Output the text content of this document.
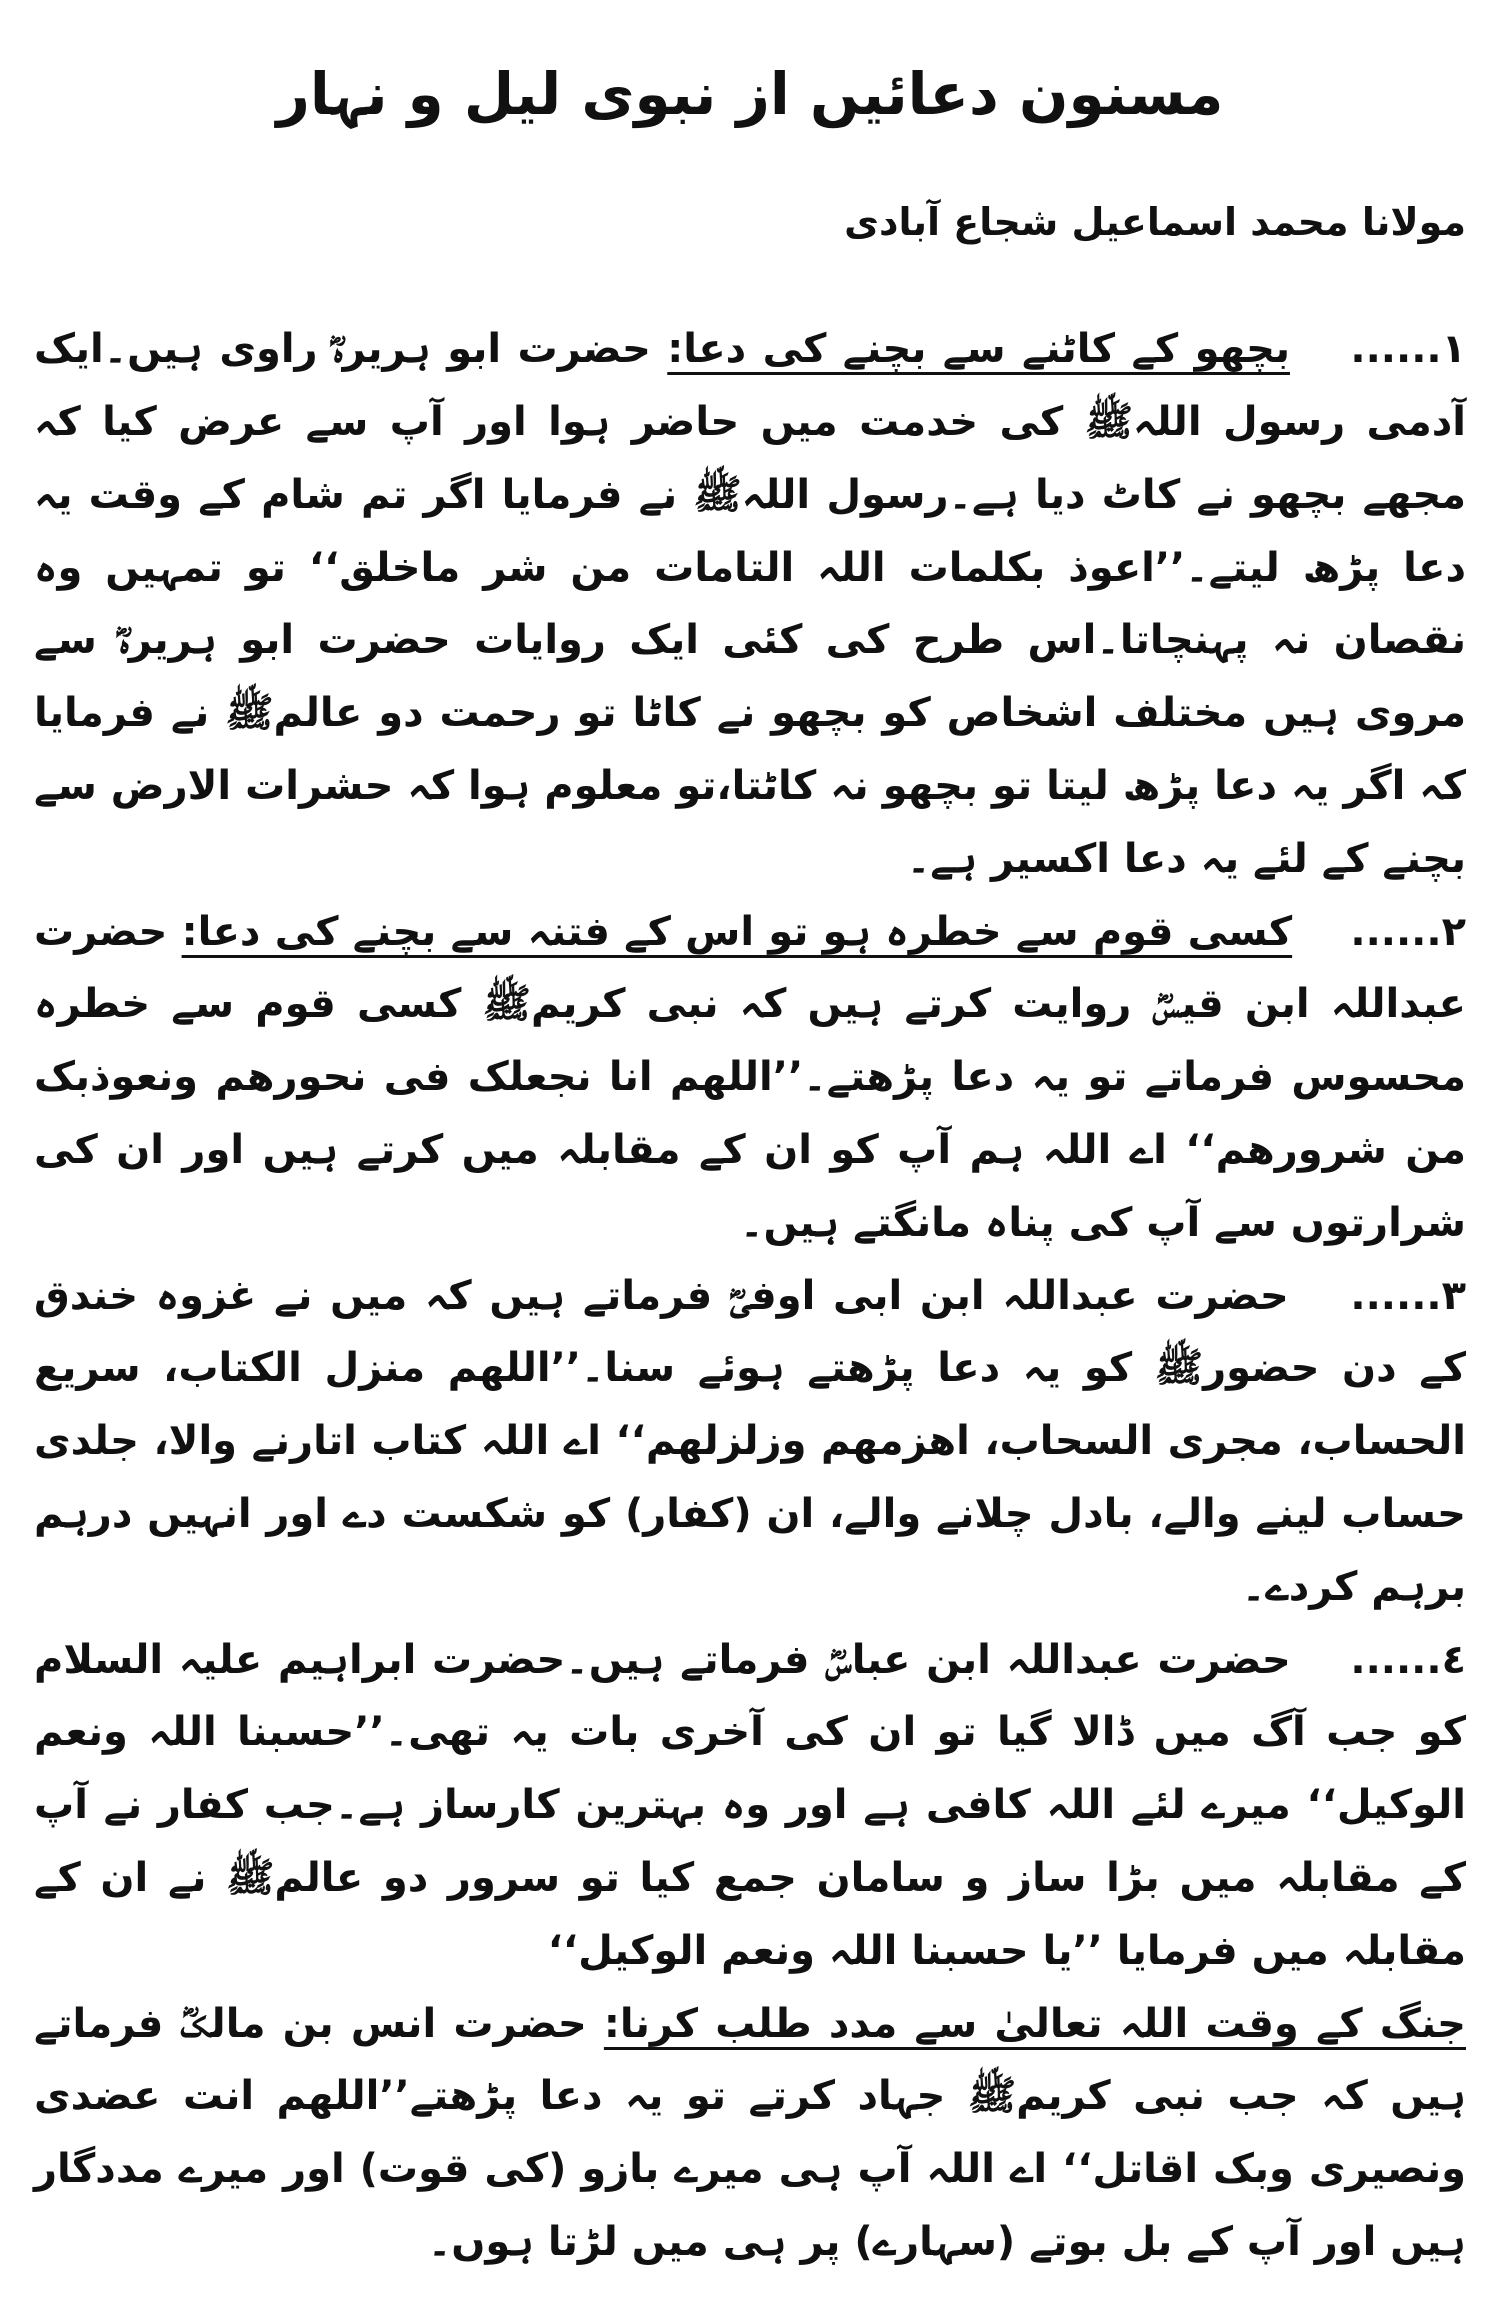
مسنون دعائیں از نبوی لیل و نہار
مولانا محمد اسماعیل شجاع آبادی
١...... بچھو کے کاٹنے سے بچنے کی دعا: حضرت ابو ہریرہؓ راوی ہیں۔ایک آدمی رسول اللہﷺ کی خدمت میں حاضر ہوا اور آپ سے عرض کیا کہ مجھے بچھو نے کاٹ دیا ہے۔رسول اللہﷺ نے فرمایا اگر تم شام کے وقت یہ دعا پڑھ لیتے۔’’اعوذ بکلمات اللہ التامات من شر ماخلق‘‘ تو تمہیں وہ نقصان نہ پہنچاتا۔اس طرح کی کئی ایک روایات حضرت ابو ہریرہؓ سے مروی ہیں مختلف اشخاص کو بچھو نے کاٹا تو رحمت دو عالمﷺ نے فرمایا کہ اگر یہ دعا پڑھ لیتا تو بچھو نہ کاٹتا،تو معلوم ہوا کہ حشرات الارض سے بچنے کے لئے یہ دعا اکسیر ہے۔
٢...... کسی قوم سے خطرہ ہو تو اس کے فتنہ سے بچنے کی دعا: حضرت عبداللہ ابن قیسؓ روایت کرتے ہیں کہ نبی کریمﷺ کسی قوم سے خطرہ محسوس فرماتے تو یہ دعا پڑھتے۔’’اللھم انا نجعلک فی نحورھم ونعوذبک من شرورھم‘‘ اے اللہ ہم آپ کو ان کے مقابلہ میں کرتے ہیں اور ان کی شرارتوں سے آپ کی پناہ مانگتے ہیں۔
٣...... حضرت عبداللہ ابن ابی اوفیؓ فرماتے ہیں کہ میں نے غزوہ خندق کے دن حضورﷺ کو یہ دعا پڑھتے ہوئے سنا۔’’اللھم منزل الکتاب، سریع الحساب، مجری السحاب، اھزمھم وزلزلھم‘‘ اے اللہ کتاب اتارنے والا، جلدی حساب لینے والے، بادل چلانے والے، ان (کفار) کو شکست دے اور انہیں درہم برہم کردے۔
٤...... حضرت عبداللہ ابن عباسؓ فرماتے ہیں۔حضرت ابراہیم علیہ السلام کو جب آگ میں ڈالا گیا تو ان کی آخری بات یہ تھی۔’’حسبنا اللہ ونعم الوکیل‘‘ میرے لئے اللہ کافی ہے اور وہ بہترین کارساز ہے۔جب کفار نے آپ کے مقابلہ میں بڑا ساز و سامان جمع کیا تو سرور دو عالمﷺ نے ان کے مقابلہ میں فرمایا ’’یا حسبنا اللہ ونعم الوکیل‘‘
جنگ کے وقت اللہ تعالیٰ سے مدد طلب کرنا: حضرت انس بن مالکؓ فرماتے ہیں کہ جب نبی کریمﷺ جہاد کرتے تو یہ دعا پڑھتے’’اللھم انت عضدی ونصیری وبک اقاتل‘‘ اے اللہ آپ ہی میرے بازو (کی قوت) اور میرے مددگار ہیں اور آپ کے بل بوتے (سہارے) پر ہی میں لڑتا ہوں۔
